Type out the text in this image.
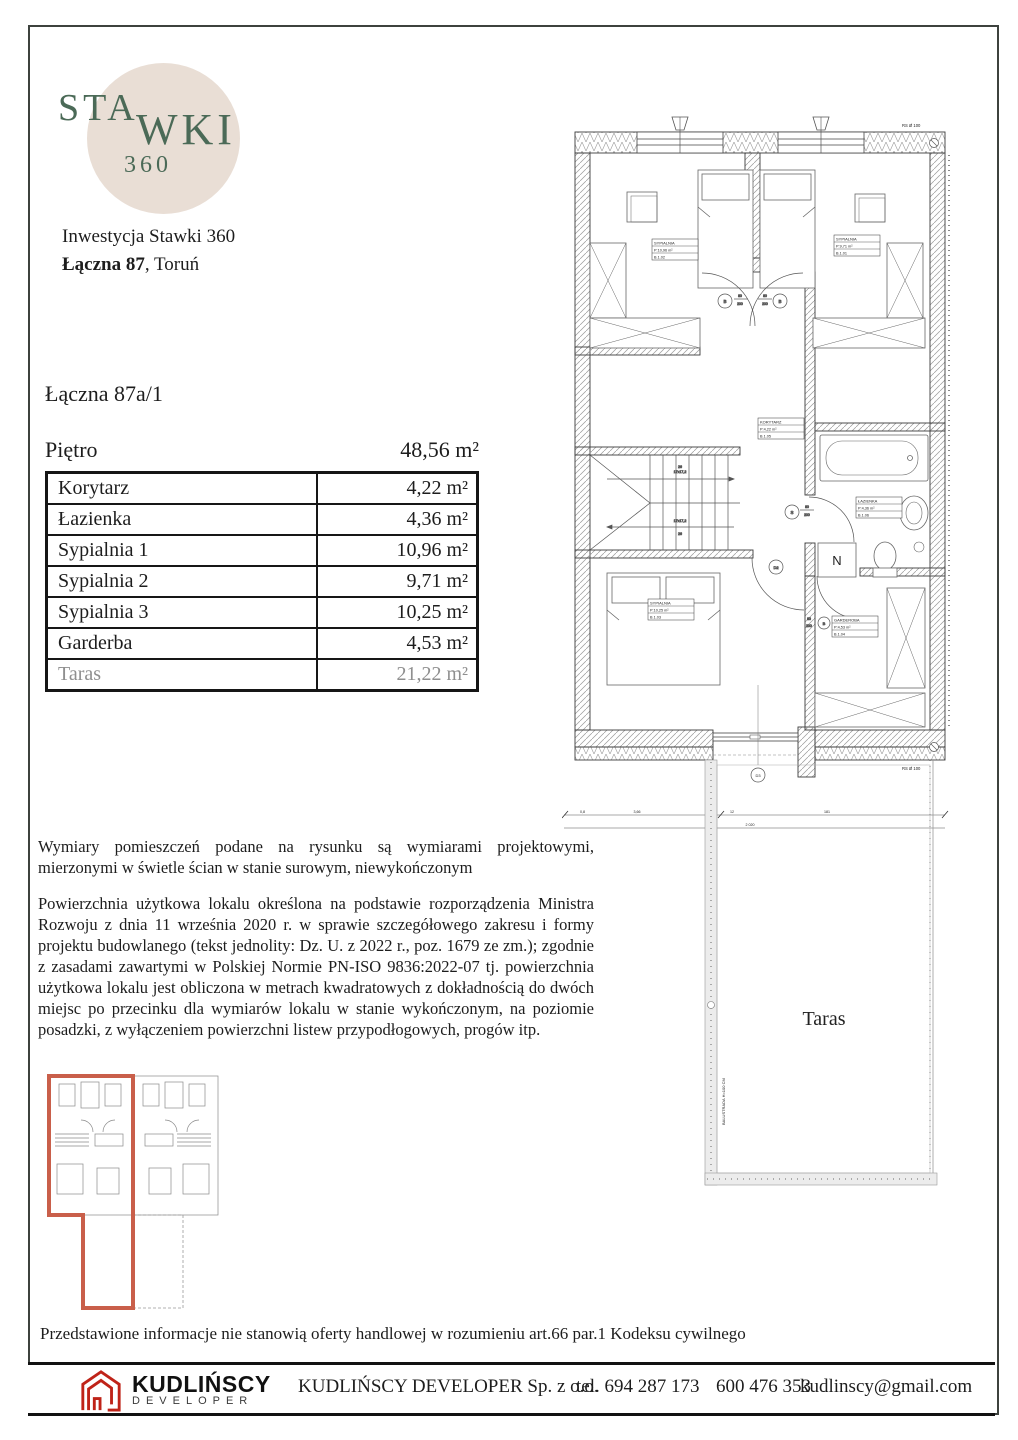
STA
WKI
360
Inwestycja Stawki 360
Łączna 87, Toruń
Łączna 87a/1
Piętro	48,56 m²
Korytarz	4,22 m²
Łazienka	4,36 m²
Sypialnia 1	10,96 m²
Sypialnia 2	9,71 m²
Sypialnia 3	10,25 m²
Garderba	4,53 m²
Taras	21,22 m²
Wymiary pomieszczeń podane na rysunku są wymiarami projektowymi, mierzonymi w świetle ścian w stanie surowym, niewykończonym
Powierzchnia użytkowa lokalu określona na podstawie rozporządzenia Ministra Rozwoju z dnia 11 września 2020 r. w sprawie szczegółowego zakresu i formy projektu budowlanego (tekst jednolity: Dz. U. z 2022 r., poz. 1679 ze zm.); zgodnie z zasadami zawartymi w Polskiej Normie PN-ISO 9836:2022-07 tj. powierzchnia użytkowa lokalu jest obliczona w metrach kwadratowych z dokładnością do dwóch miejsc po przecinku dla wymiarów lokalu w stanie wykończonym, na poziomie posadzki, z wyłączeniem powierzchni listew przypodłogowych, progów itp.
Przedstawione informacje nie stanowią oferty handlowej w rozumieniu art.66 par.1 Kodeksu cywilnego
B	B
80
200
80
200
17x17,2
26
17x17,2
26
N
S
80
200
D2
B
80
200
D3
RS Ø 100
RS Ø 100
0,8	3,66	12	181
2 020
Taras
BALUSTRADA H=100 CM
SYPIALNIA
P:10,96 m²
B.1.02
SYPIALNIA
P:9,71 m²
B.1.01
KORYTARZ
P:4,22 m²
B.1.05
ŁAZIENKA
P:4,36 m²
B.1.06
SYPIALNIA
P:10,25 m²
B.1.03	GARDEROBA
P:4,53 m²
B.1.04
KUDLIŃSCY
DEVELOPER
KUDLIŃSCY DEVELOPER Sp. z o.o.
tel. 694 287 173 600 476 353
kudlinscy@gmail.com
